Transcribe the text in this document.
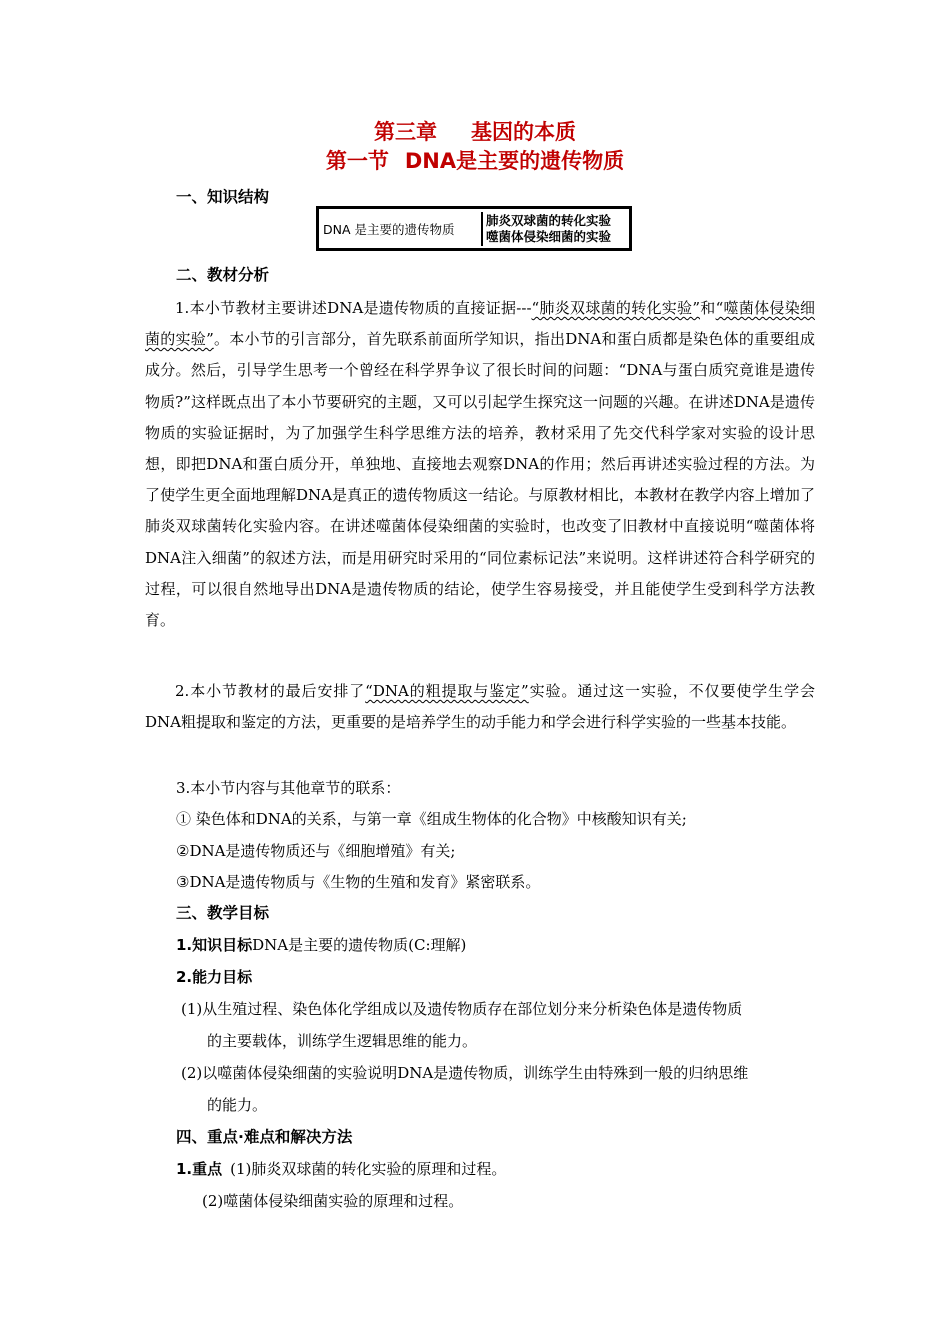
第三章 基因的本质
第一节 DNA是主要的遗传物质
一、知识结构
DNA 是主要的遗传物质
肺炎双球菌的转化实验
噬菌体侵染细菌的实验
二、教材分析
1.本小节教材主要讲述DNA是遗传物质的直接证据---“肺炎双球菌的转化实验”和“噬菌体侵染细菌的实验”。本小节的引言部分，首先联系前面所学知识，指出DNA和蛋白质都是染色体的重要组成成分。然后，引导学生思考一个曾经在科学界争议了很长时间的问题：“DNA与蛋白质究竟谁是遗传物质?”这样既点出了本小节要研究的主题，又可以引起学生探究这一问题的兴趣。在讲述DNA是遗传物质的实验证据时，为了加强学生科学思维方法的培养，教材采用了先交代科学家对实验的设计思想，即把DNA和蛋白质分开，单独地、直接地去观察DNA的作用；然后再讲述实验过程的方法。为了使学生更全面地理解DNA是真正的遗传物质这一结论。与原教材相比，本教材在教学内容上增加了肺炎双球菌转化实验内容。在讲述噬菌体侵染细菌的实验时，也改变了旧教材中直接说明“噬菌体将DNA注入细菌”的叙述方法，而是用研究时采用的“同位素标记法”来说明。这样讲述符合科学研究的过程，可以很自然地导出DNA是遗传物质的结论，使学生容易接受，并且能使学生受到科学方法教育。
2.本小节教材的最后安排了“DNA的粗提取与鉴定”实验。通过这一实验，不仅要使学生学会DNA粗提取和鉴定的方法，更重要的是培养学生的动手能力和学会进行科学实验的一些基本技能。
3.本小节内容与其他章节的联系：
① 染色体和DNA的关系，与第一章《组成生物体的化合物》中核酸知识有关;
②DNA是遗传物质还与《细胞增殖》有关;
③DNA是遗传物质与《生物的生殖和发育》紧密联系。
三、教学目标
1.知识目标DNA是主要的遗传物质(C:理解)
2.能力目标
(1)从生殖过程、染色体化学组成以及遗传物质存在部位划分来分析染色体是遗传物质
的主要载体，训练学生逻辑思维的能力。
(2)以噬菌体侵染细菌的实验说明DNA是遗传物质，训练学生由特殊到一般的归纳思维
的能力。
四、重点·难点和解决方法
1.重点 (1)肺炎双球菌的转化实验的原理和过程。
(2)噬菌体侵染细菌实验的原理和过程。
